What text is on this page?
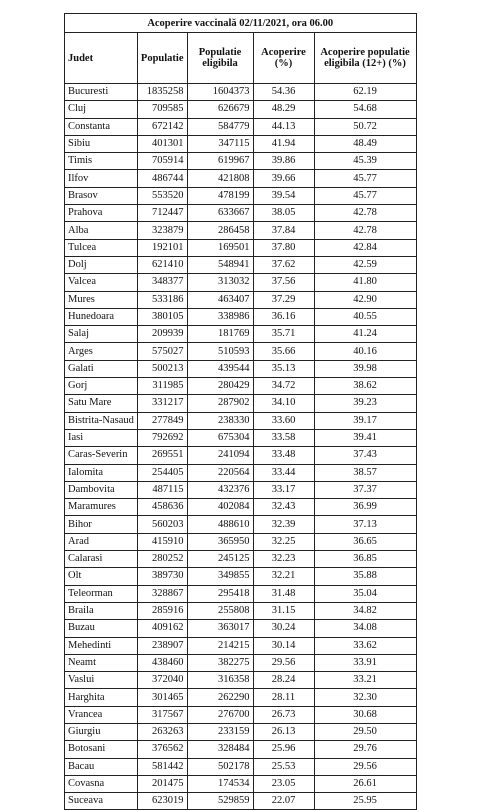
Acoperire vaccinală 02/11/2021, ora 06.00				
Judet	Populatie	Populatie eligibila	Acoperire (%)	Acoperire populatie eligibila (12+) (%)
Bucuresti	1835258	1604373	54.36	62.19
Cluj	709585	626679	48.29	54.68
Constanta	672142	584779	44.13	50.72
Sibiu	401301	347115	41.94	48.49
Timis	705914	619967	39.86	45.39
Ilfov	486744	421808	39.66	45.77
Brasov	553520	478199	39.54	45.77
Prahova	712447	633667	38.05	42.78
Alba	323879	286458	37.84	42.78
Tulcea	192101	169501	37.80	42.84
Dolj	621410	548941	37.62	42.59
Valcea	348377	313032	37.56	41.80
Mures	533186	463407	37.29	42.90
Hunedoara	380105	338986	36.16	40.55
Salaj	209939	181769	35.71	41.24
Arges	575027	510593	35.66	40.16
Galati	500213	439544	35.13	39.98
Gorj	311985	280429	34.72	38.62
Satu Mare	331217	287902	34.10	39.23
Bistrita-Nasaud	277849	238330	33.60	39.17
Iasi	792692	675304	33.58	39.41
Caras-Severin	269551	241094	33.48	37.43
Ialomita	254405	220564	33.44	38.57
Dambovita	487115	432376	33.17	37.37
Maramures	458636	402084	32.43	36.99
Bihor	560203	488610	32.39	37.13
Arad	415910	365950	32.25	36.65
Calarasi	280252	245125	32.23	36.85
Olt	389730	349855	32.21	35.88
Teleorman	328867	295418	31.48	35.04
Braila	285916	255808	31.15	34.82
Buzau	409162	363017	30.24	34.08
Mehedinti	238907	214215	30.14	33.62
Neamt	438460	382275	29.56	33.91
Vaslui	372040	316358	28.24	33.21
Harghita	301465	262290	28.11	32.30
Vrancea	317567	276700	26.73	30.68
Giurgiu	263263	233159	26.13	29.50
Botosani	376562	328484	25.96	29.76
Bacau	581442	502178	25.53	29.56
Covasna	201475	174534	23.05	26.61
Suceava	623019	529859	22.07	25.95
